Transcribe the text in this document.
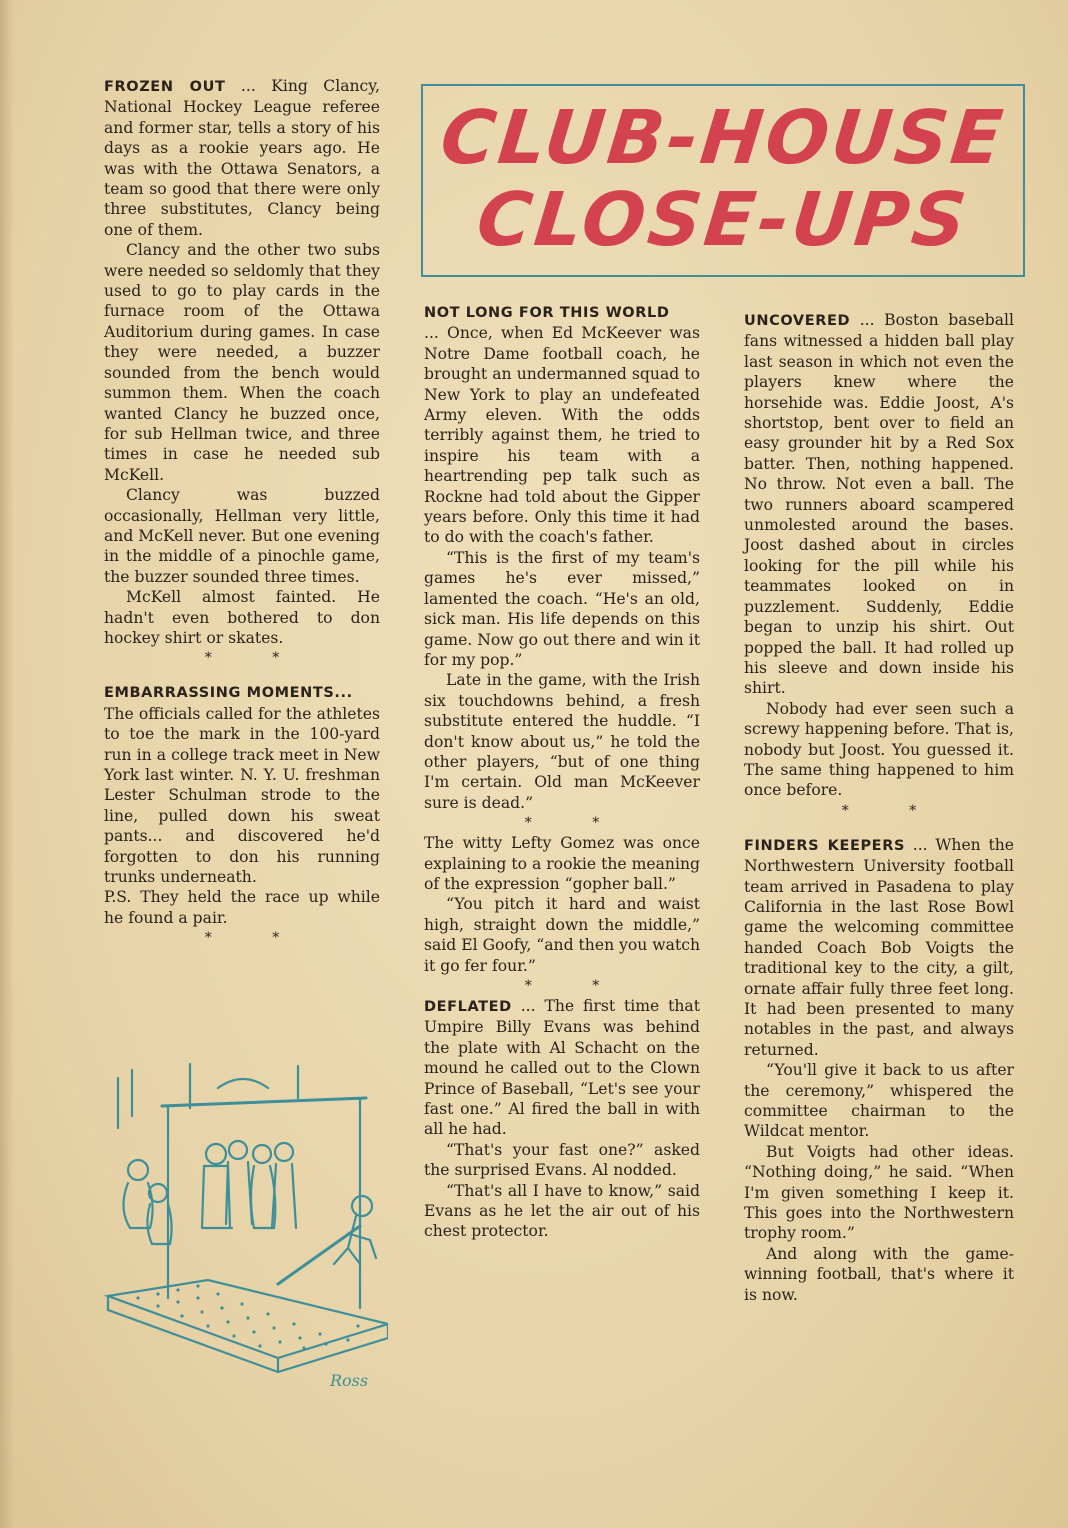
CLUB-HOUSE
CLOSE-UPS

FROZEN OUT ... King Clancy, National Hockey League referee and former star, tells a story of his days as a rookie years ago. He was with the Ottawa Senators, a team so good that there were only three substitutes, Clancy being one of them.

Clancy and the other two subs were needed so seldomly that they used to go to play cards in the furnace room of the Ottawa Auditorium during games. In case they were needed, a buzzer sounded from the bench would summon them. When the coach wanted Clancy he buzzed once, for sub Hellman twice, and three times in case he needed sub McKell.

Clancy was buzzed occasionally, Hellman very little, and McKell never. But one evening in the middle of a pinochle game, the buzzer sounded three times.

McKell almost fainted. He hadn't even bothered to don hockey shirt or skates.

* *

EMBARRASSING MOMENTS...

The officials called for the athletes to toe the mark in the 100-yard run in a college track meet in New York last winter. N. Y. U. freshman Lester Schulman strode to the line, pulled down his sweat pants... and discovered he'd forgotten to don his running trunks underneath.

P.S. They held the race up while he found a pair.

* *

NOT LONG FOR THIS WORLD

... Once, when Ed McKeever was Notre Dame football coach, he brought an undermanned squad to New York to play an undefeated Army eleven. With the odds terribly against them, he tried to inspire his team with a heartrending pep talk such as Rockne had told about the Gipper years before. Only this time it had to do with the coach's father.

“This is the first of my team's games he's ever missed,” lamented the coach. “He's an old, sick man. His life depends on this game. Now go out there and win it for my pop.”

Late in the game, with the Irish six touchdowns behind, a fresh substitute entered the huddle. “I don't know about us,” he told the other players, “but of one thing I'm certain. Old man McKeever sure is dead.”

* *

The witty Lefty Gomez was once explaining to a rookie the meaning of the expression “gopher ball.”

“You pitch it hard and waist high, straight down the middle,” said El Goofy, “and then you watch it go fer four.”

* *

DEFLATED ... The first time that Umpire Billy Evans was behind the plate with Al Schacht on the mound he called out to the Clown Prince of Baseball, “Let's see your fast one.” Al fired the ball in with all he had.

“That's your fast one?” asked the surprised Evans. Al nodded.

“That's all I have to know,” said Evans as he let the air out of his chest protector.

UNCOVERED ... Boston baseball fans witnessed a hidden ball play last season in which not even the players knew where the horsehide was. Eddie Joost, A's shortstop, bent over to field an easy grounder hit by a Red Sox batter. Then, nothing happened. No throw. Not even a ball. The two runners aboard scampered unmolested around the bases. Joost dashed about in circles looking for the pill while his teammates looked on in puzzlement. Suddenly, Eddie began to unzip his shirt. Out popped the ball. It had rolled up his sleeve and down inside his shirt.

Nobody had ever seen such a screwy happening before. That is, nobody but Joost. You guessed it. The same thing happened to him once before.

* *

FINDERS KEEPERS ... When the Northwestern University football team arrived in Pasadena to play California in the last Rose Bowl game the welcoming committee handed Coach Bob Voigts the traditional key to the city, a gilt, ornate affair fully three feet long. It had been presented to many notables in the past, and always returned.

“You'll give it back to us after the ceremony,” whispered the committee chairman to the Wildcat mentor.

But Voigts had other ideas. “Nothing doing,” he said. “When I'm given something I keep it. This goes into the Northwestern trophy room.”

And along with the game-winning football, that's where it is now.

Ross
